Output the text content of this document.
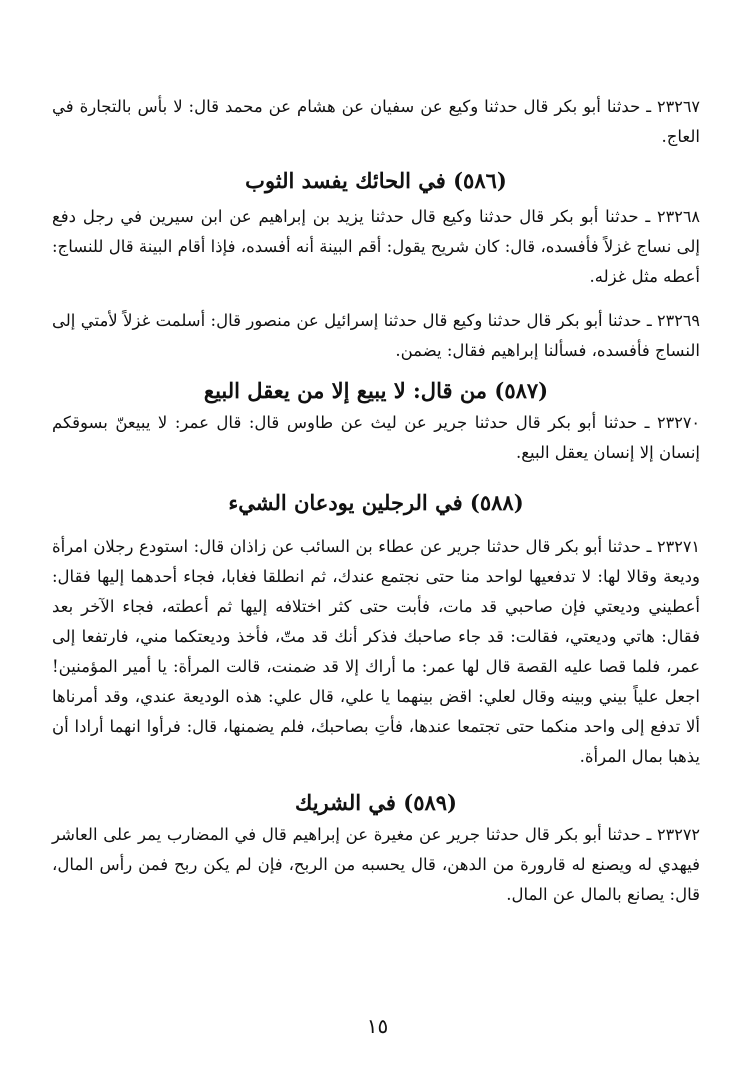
٢٣٢٦٧ ـ حدثنا أبو بكر قال حدثنا وكيع عن سفيان عن هشام عن محمد قال: لا بأس بالتجارة في العاج.

(٥٨٦) في الحائك يفسد الثوب

٢٣٢٦٨ ـ حدثنا أبو بكر قال حدثنا وكيع قال حدثنا يزيد بن إبراهيم عن ابن سيرين في رجل دفع إلى نساج غزلاً فأفسده، قال: كان شريح يقول: أقم البينة أنه أفسده، فإذا أقام البينة قال للنساج: أعطه مثل غزله.

٢٣٢٦٩ ـ حدثنا أبو بكر قال حدثنا وكيع قال حدثنا إسرائيل عن منصور قال: أسلمت غزلاً لأمتي إلى النساج فأفسده، فسألنا إبراهيم فقال: يضمن.

(٥٨٧) من قال: لا يبيع إلا من يعقل البيع

٢٣٢٧٠ ـ حدثنا أبو بكر قال حدثنا جرير عن ليث عن طاوس قال: قال عمر: لا يبيعنّ بسوقكم إنسان إلا إنسان يعقل البيع.

(٥٨٨) في الرجلين يودعان الشيء

٢٣٢٧١ ـ حدثنا أبو بكر قال حدثنا جرير عن عطاء بن السائب عن زاذان قال: استودع رجلان امرأة وديعة وقالا لها: لا تدفعيها لواحد منا حتى نجتمع عندك، ثم انطلقا فغابا، فجاء أحدهما إليها فقال: أعطيني وديعتي فإن صاحبي قد مات، فأبت حتى كثر اختلافه إليها ثم أعطته، فجاء الآخر بعد فقال: هاتي وديعتي، فقالت: قد جاء صاحبك فذكر أنك قد متّ، فأخذ وديعتكما مني، فارتفعا إلى عمر، فلما قصا عليه القصة قال لها عمر: ما أراك إلا قد ضمنت، قالت المرأة: يا أمير المؤمنين! اجعل علياً بيني وبينه وقال لعلي: اقض بينهما يا علي، قال علي: هذه الوديعة عندي، وقد أمرناها ألا تدفع إلى واحد منكما حتى تجتمعا عندها، فأتِ بصاحبك، فلم يضمنها، قال: فرأوا انهما أرادا أن يذهبا بمال المرأة.

(٥٨٩) في الشريك

٢٣٢٧٢ ـ حدثنا أبو بكر قال حدثنا جرير عن مغيرة عن إبراهيم قال في المضارب يمر على العاشر فيهدي له ويصنع له قارورة من الدهن، قال يحسبه من الربح، فإن لم يكن ربح فمن رأس المال، قال: يصانع بالمال عن المال.

١٥
